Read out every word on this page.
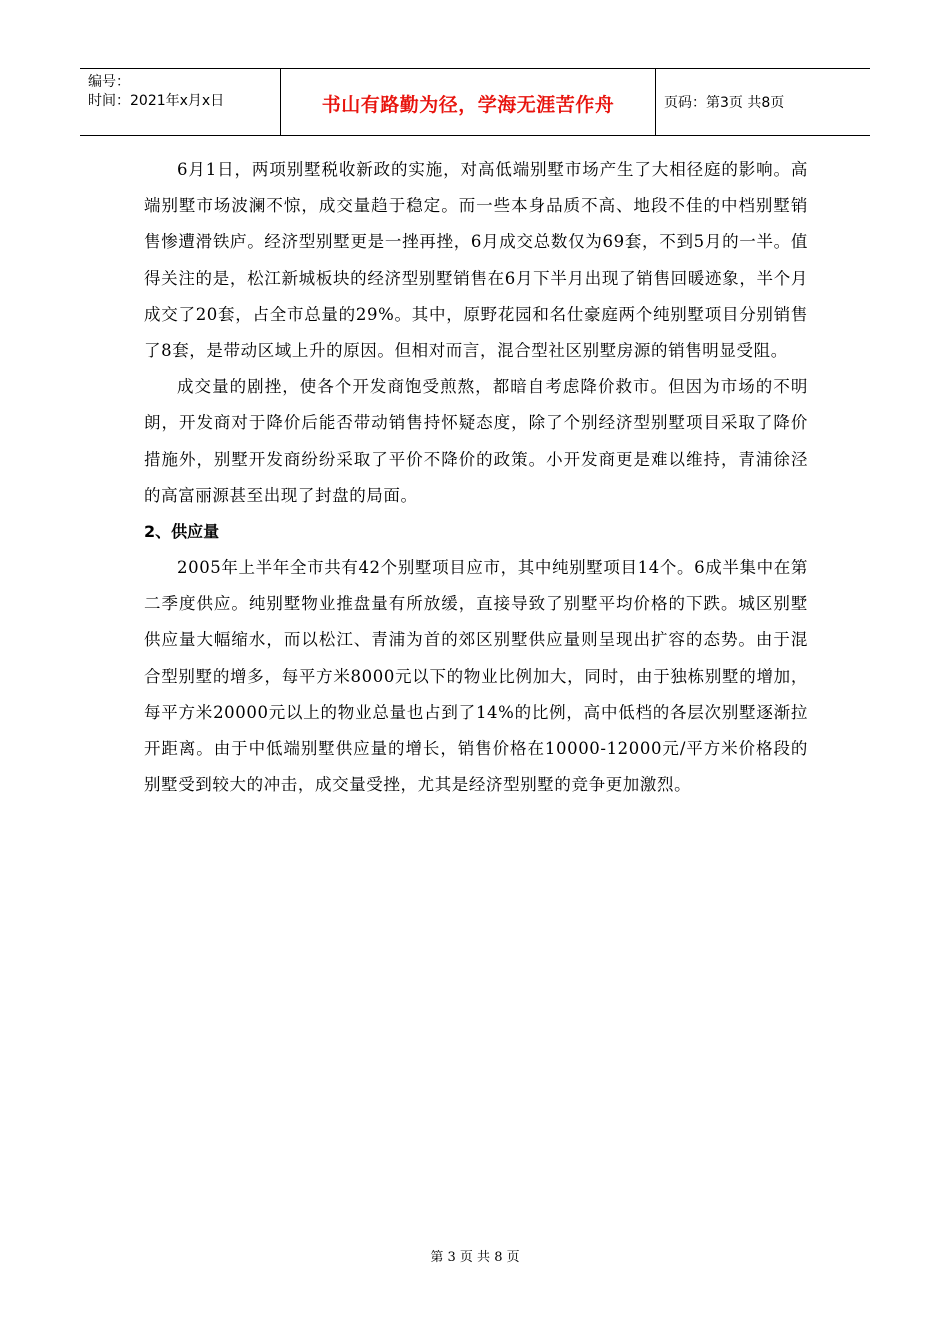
编号：
时间：2021年x月x日	书山有路勤为径，学海无涯苦作舟	页码：第3页 共8页

6月1日，两项别墅税收新政的实施，对高低端别墅市场产生了大相径庭的影响。高端别墅市场波澜不惊，成交量趋于稳定。而一些本身品质不高、地段不佳的中档别墅销售惨遭滑铁庐。经济型别墅更是一挫再挫，6月成交总数仅为69套，不到5月的一半。值得关注的是，松江新城板块的经济型别墅销售在6月下半月出现了销售回暖迹象，半个月成交了20套，占全市总量的29%。其中，原野花园和名仕豪庭两个纯别墅项目分别销售了8套，是带动区域上升的原因。但相对而言，混合型社区别墅房源的销售明显受阻。

成交量的剧挫，使各个开发商饱受煎熬，都暗自考虑降价救市。但因为市场的不明朗，开发商对于降价后能否带动销售持怀疑态度，除了个别经济型别墅项目采取了降价措施外，别墅开发商纷纷采取了平价不降价的政策。小开发商更是难以维持，青浦徐泾的高富丽源甚至出现了封盘的局面。

2、供应量

2005年上半年全市共有42个别墅项目应市，其中纯别墅项目14个。6成半集中在第二季度供应。纯别墅物业推盘量有所放缓，直接导致了别墅平均价格的下跌。城区别墅供应量大幅缩水，而以松江、青浦为首的郊区别墅供应量则呈现出扩容的态势。由于混合型别墅的增多，每平方米8000元以下的物业比例加大，同时，由于独栋别墅的增加，每平方米20000元以上的物业总量也占到了14%的比例，高中低档的各层次别墅逐渐拉开距离。由于中低端别墅供应量的增长，销售价格在10000-12000元/平方米价格段的别墅受到较大的冲击，成交量受挫，尤其是经济型别墅的竞争更加激烈。

第 3 页 共 8 页
